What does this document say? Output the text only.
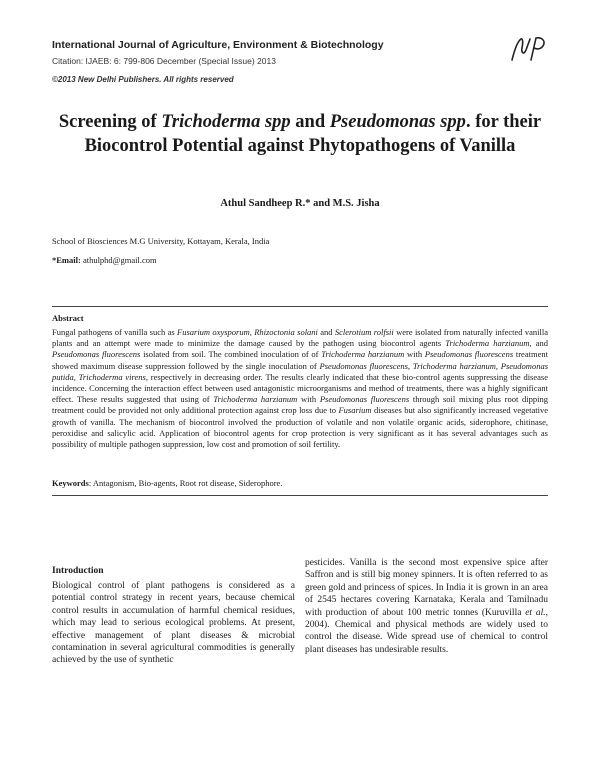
International Journal of Agriculture, Environment & Biotechnology
Citation: IJAEB: 6: 799-806 December (Special Issue) 2013
©2013 New Delhi Publishers. All rights reserved
Screening of Trichoderma spp and Pseudomonas spp. for their Biocontrol Potential against Phytopathogens of Vanilla
Athul Sandheep R.* and M.S. Jisha
School of Biosciences M.G University, Kottayam, Kerala, India
*Email: athulphd@gmail.com
Abstract
Fungal pathogens of vanilla such as Fusarium oxysporum, Rhizoctonia solani and Sclerotium rolfsii were isolated from naturally infected vanilla plants and an attempt were made to minimize the damage caused by the pathogen using biocontrol agents Trichoderma harzianum, and Pseudomonas fluorescens isolated from soil. The combined inoculation of of Trichoderma harzianum with Pseudomonas fluorescens treatment showed maximum disease suppression followed by the single inoculation of Pseudomonas fluorescens, Trichoderma harzianum, Pseudomonas putida, Trichoderma virens, respectively in decreasing order. The results clearly indicated that these bio-control agents suppressing the disease incidence. Concerning the interaction effect between used antagonistic microorganisms and method of treatments, there was a highly significant effect. These results suggested that using of Trichoderma harzianum with Pseudomonas fluorescens through soil mixing plus root dipping treatment could be provided not only additional protection against crop loss due to Fusarium diseases but also significantly increased vegetative growth of vanilla. The mechanism of biocontrol involved the production of volatile and non volatile organic acids, siderophore, chitinase, peroxidise and salicylic acid. Application of biocontrol agents for crop protection is very significant as it has several advantages such as possibility of multiple pathogen suppression, low cost and promotion of soil fertility.
Keywords: Antagonism, Bio-agents, Root rot disease, Siderophore.
Introduction
Biological control of plant pathogens is considered as a potential control strategy in recent years, because chemical control results in accumulation of harmful chemical residues, which may lead to serious ecological problems. At present, effective management of plant diseases & microbial contamination in several agricultural commodities is generally achieved by the use of synthetic
pesticides. Vanilla is the second most expensive spice after Saffron and is still big money spinners. It is often referred to as green gold and princess of spices. In India it is grown in an area of 2545 hectares covering Karnataka, Kerala and Tamilnadu with production of about 100 metric tonnes (Kuruvilla et al., 2004). Chemical and physical methods are widely used to control the disease. Wide spread use of chemical to control plant diseases has undesirable results.
